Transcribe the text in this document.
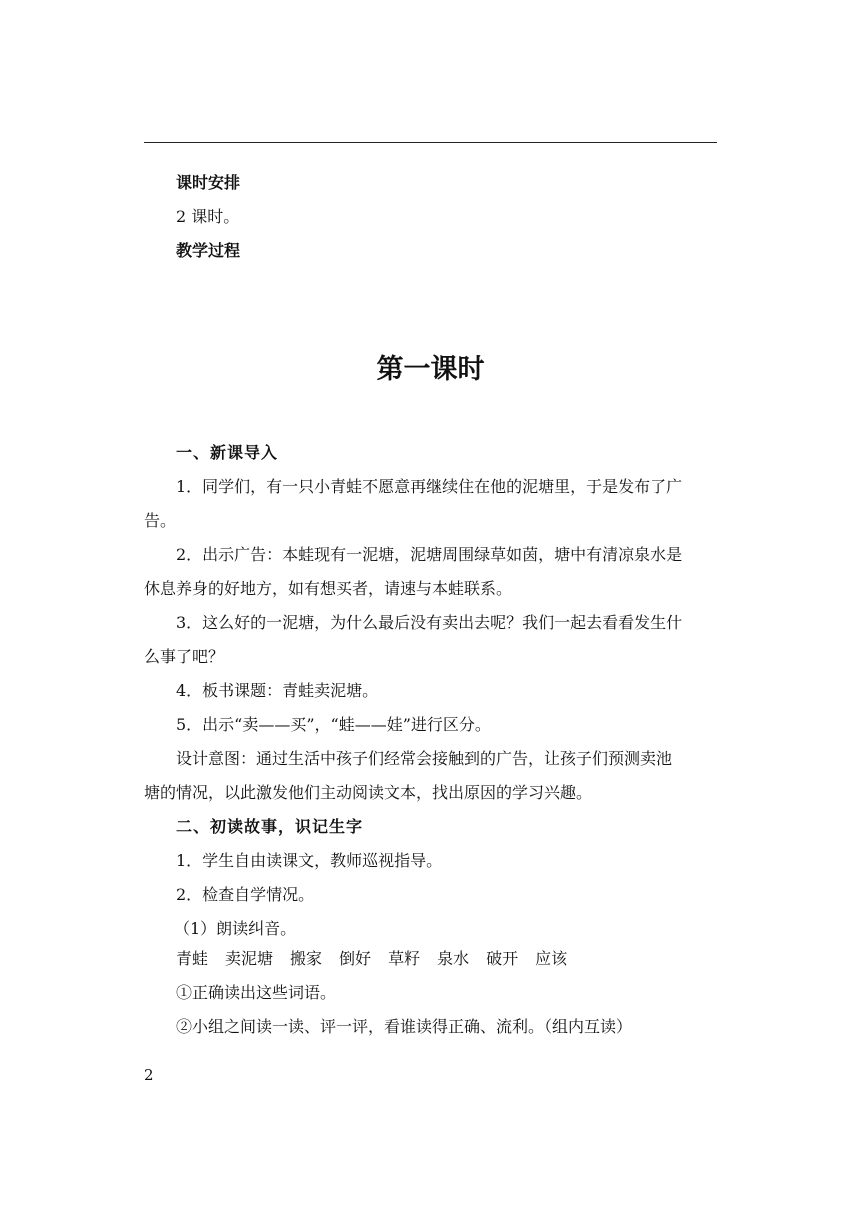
课时安排
2 课时。
教学过程
第一课时
一、新课导入
1．同学们，有一只小青蛙不愿意再继续住在他的泥塘里，于是发布了广
告。
2．出示广告：本蛙现有一泥塘，泥塘周围绿草如茵，塘中有清凉泉水是
休息养身的好地方，如有想买者，请速与本蛙联系。
3．这么好的一泥塘，为什么最后没有卖出去呢？我们一起去看看发生什
么事了吧？
4．板书课题：青蛙卖泥塘。
5．出示“卖——买”，“蛙——娃”进行区分。
设计意图：通过生活中孩子们经常会接触到的广告，让孩子们预测卖池
塘的情况，以此激发他们主动阅读文本，找出原因的学习兴趣。
二、初读故事，识记生字
1．学生自由读课文，教师巡视指导。
2．检查自学情况。
（1）朗读纠音。
青蛙 卖泥塘 搬家 倒好 草籽 泉水 破开 应该
①正确读出这些词语。
②小组之间读一读、评一评，看谁读得正确、流利。（组内互读）
2
